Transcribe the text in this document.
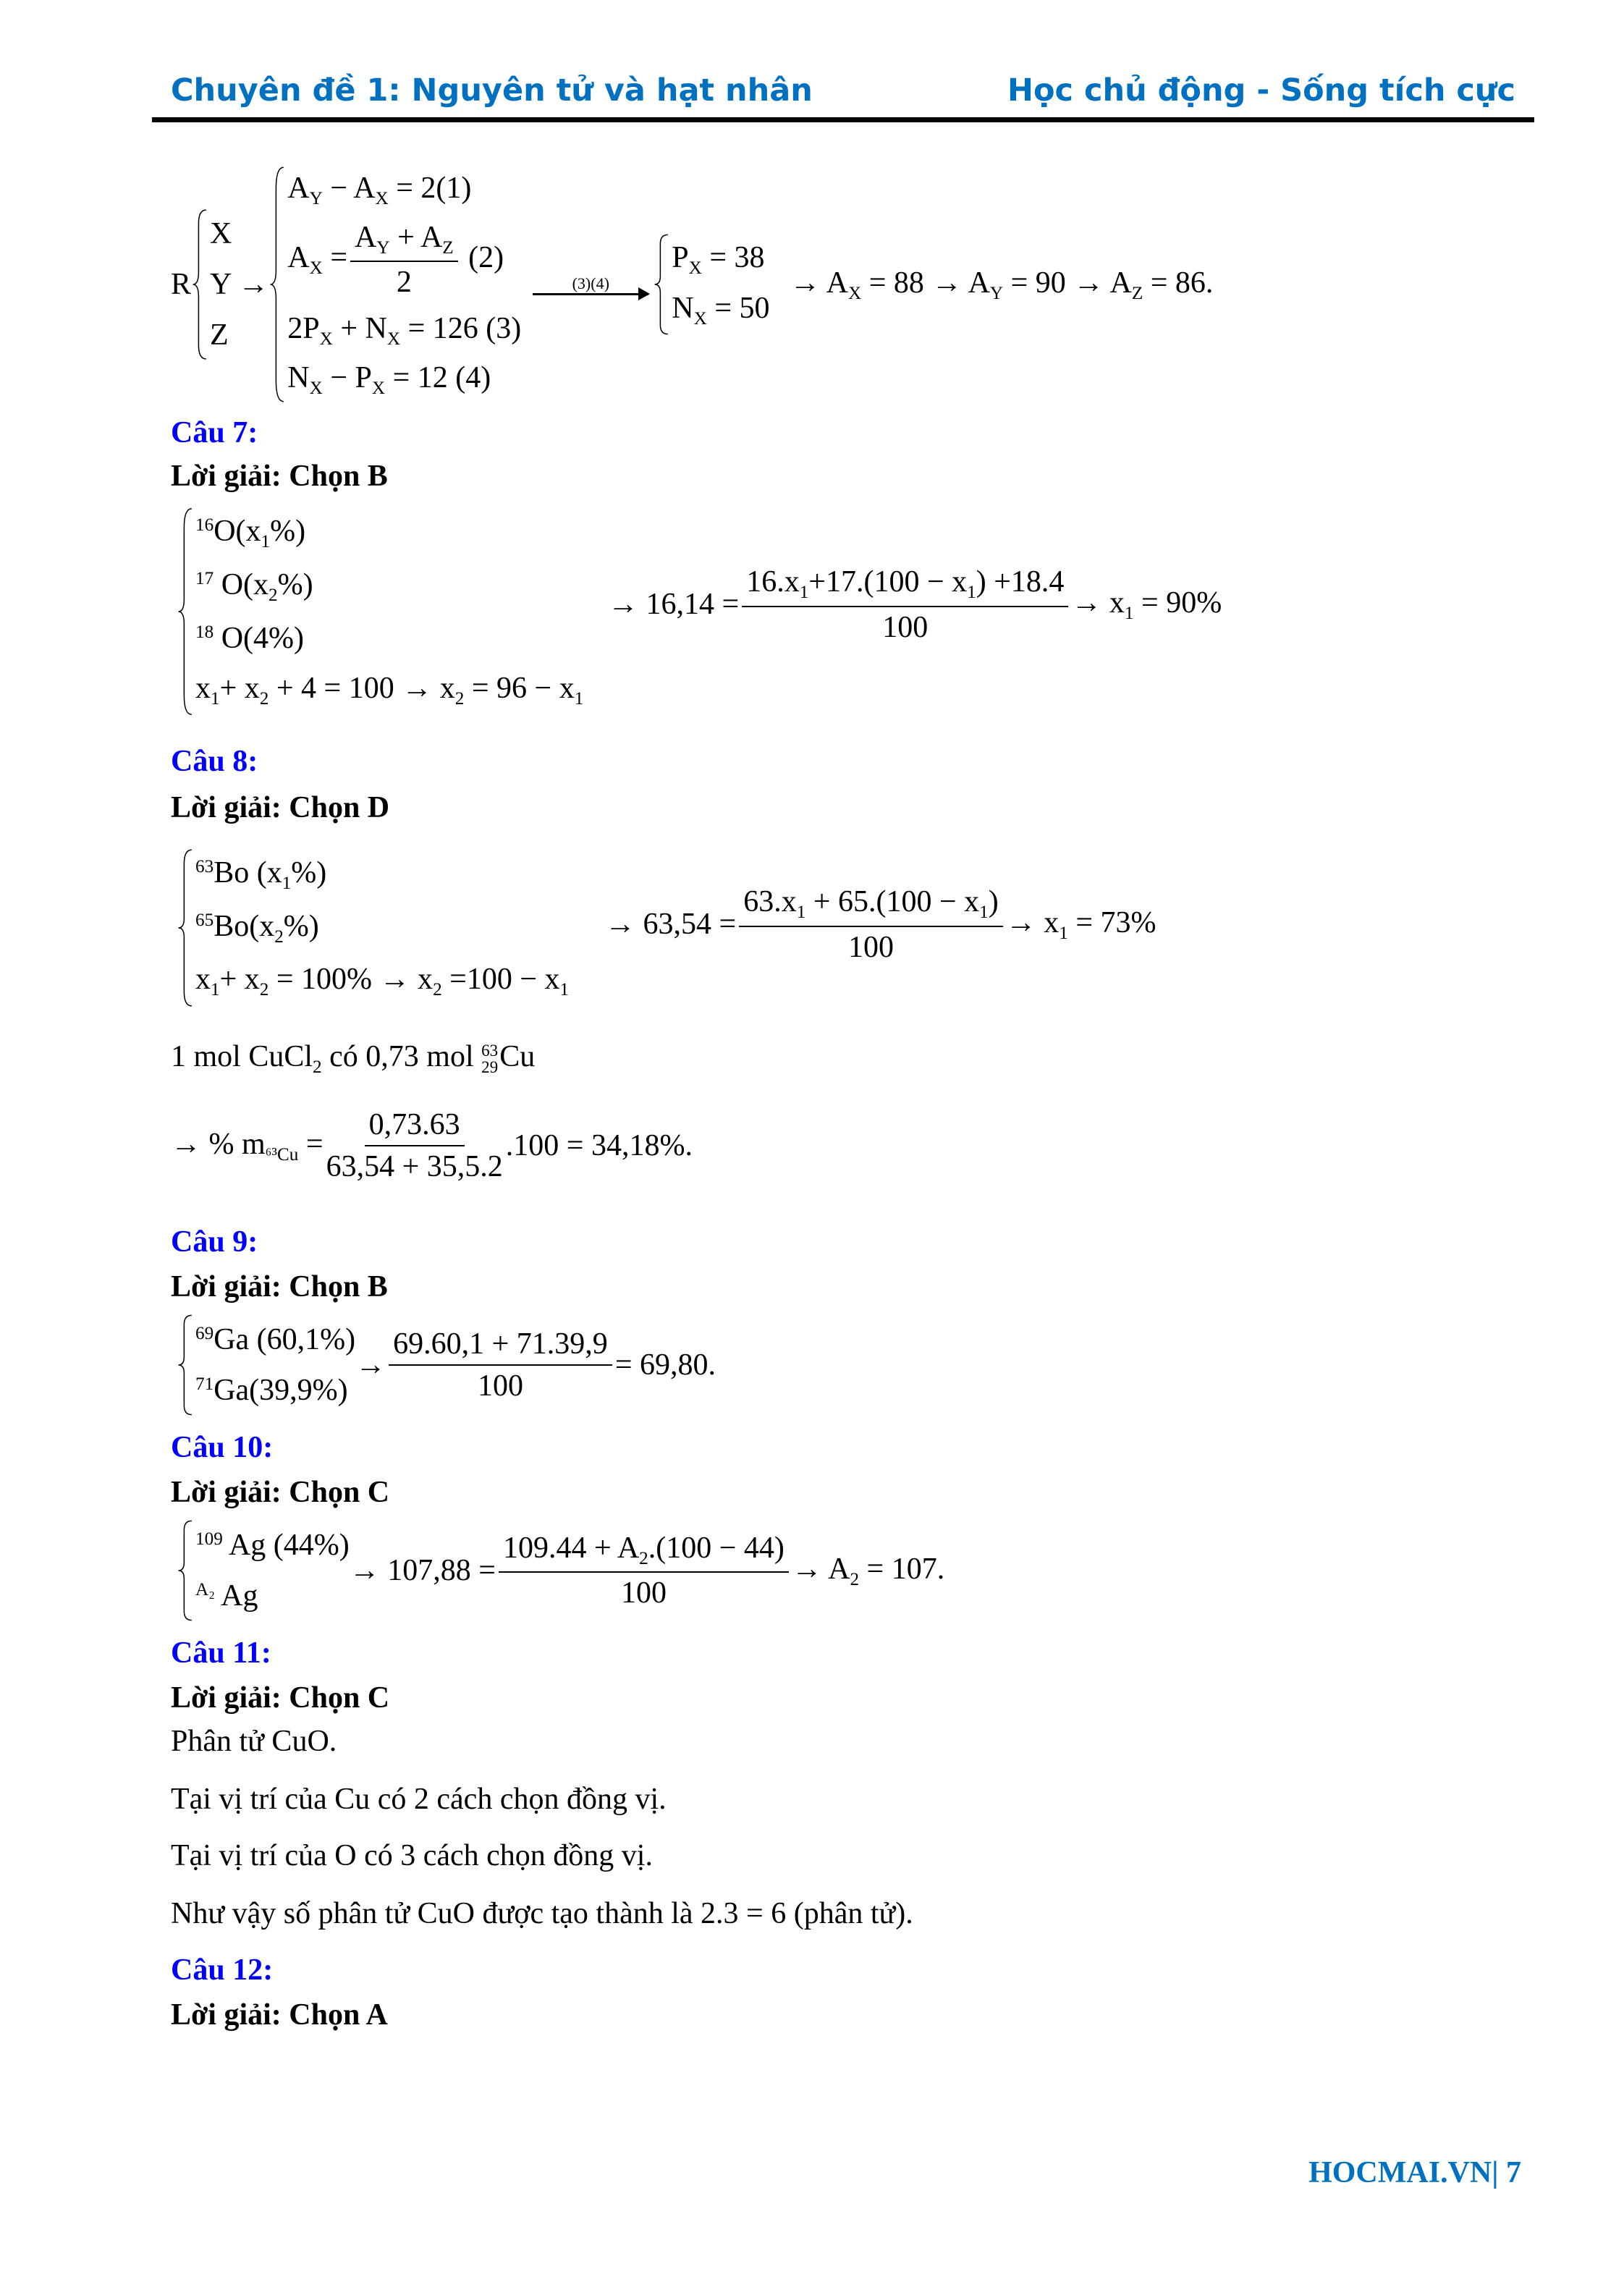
Chuyên đề 1: Nguyên tử và hạt nhân	Học chủ động - Sống tích cực
R
X
Y →
Z
$A_Y - A_X = 2(1)$
$A_X = \frac{A_Y + A_Z}{2} (2)$
$2P_X + N_X = 126$ (3)
$N_X - P_X = 12$ (4)
(3)(4)
$P_X = 38$
$N_X = 50$
→ $A_X = 88 \to A_Y = 90 \to A_Z = 86$.
Câu 7:
Lời giải: Chọn B
$^{16}O(x_1\%)$
$^{17}$ $O(x_2\%)$
$^{18}$ O(4%)
$x_1+ x_2 + 4 = 100 \to x_2 = 96 - x_1$
→ $16,14 = \frac{16.x_1+17.(100 - x_1) +18.4}{100} \to x_1 = 90\%$
Câu 8:
Lời giải: Chọn D
$^{63}$Bo $(x_1\%)$
$^{65}Bo(x_2\%)$
$x_1+ x_2 = 100\% \to x_2 =100 - x_1$
→ $63,54 = \frac{63.x_1 + 65.(100 - x_1)}{100} \to x_1 = 73\%$
1 mol CuCl$_2$ có 0,73 mol 63
29 Cu
→ % $m_{^{63}Cu} = \frac{0,73.63}{63,54 + 35,5.2} .100 = 34,18\%$.
Câu 9:
Lời giải: Chọn B
$^{69}$Ga (60,1%)
$^{71}$Ga(39,9%)
→ $\frac{69.60,1 + 71.39,9}{100} = 69,80$.
Câu 10:
Lời giải: Chọn C
$^{109}$ Ag (44%)
$^{A_2}$ Ag
→ $107,88 = \frac{109.44 + A_2.(100 - 44)}{100} \to A_2 = 107$.
Câu 11:
Lời giải: Chọn C
Phân tử CuO.
Tại vị trí của Cu có 2 cách chọn đồng vị.
Tại vị trí của O có 3 cách chọn đồng vị.
Như vậy số phân tử CuO được tạo thành là 2.3 = 6 (phân tử).
Câu 12:
Lời giải: Chọn A
HOCMAI.VN| 7
